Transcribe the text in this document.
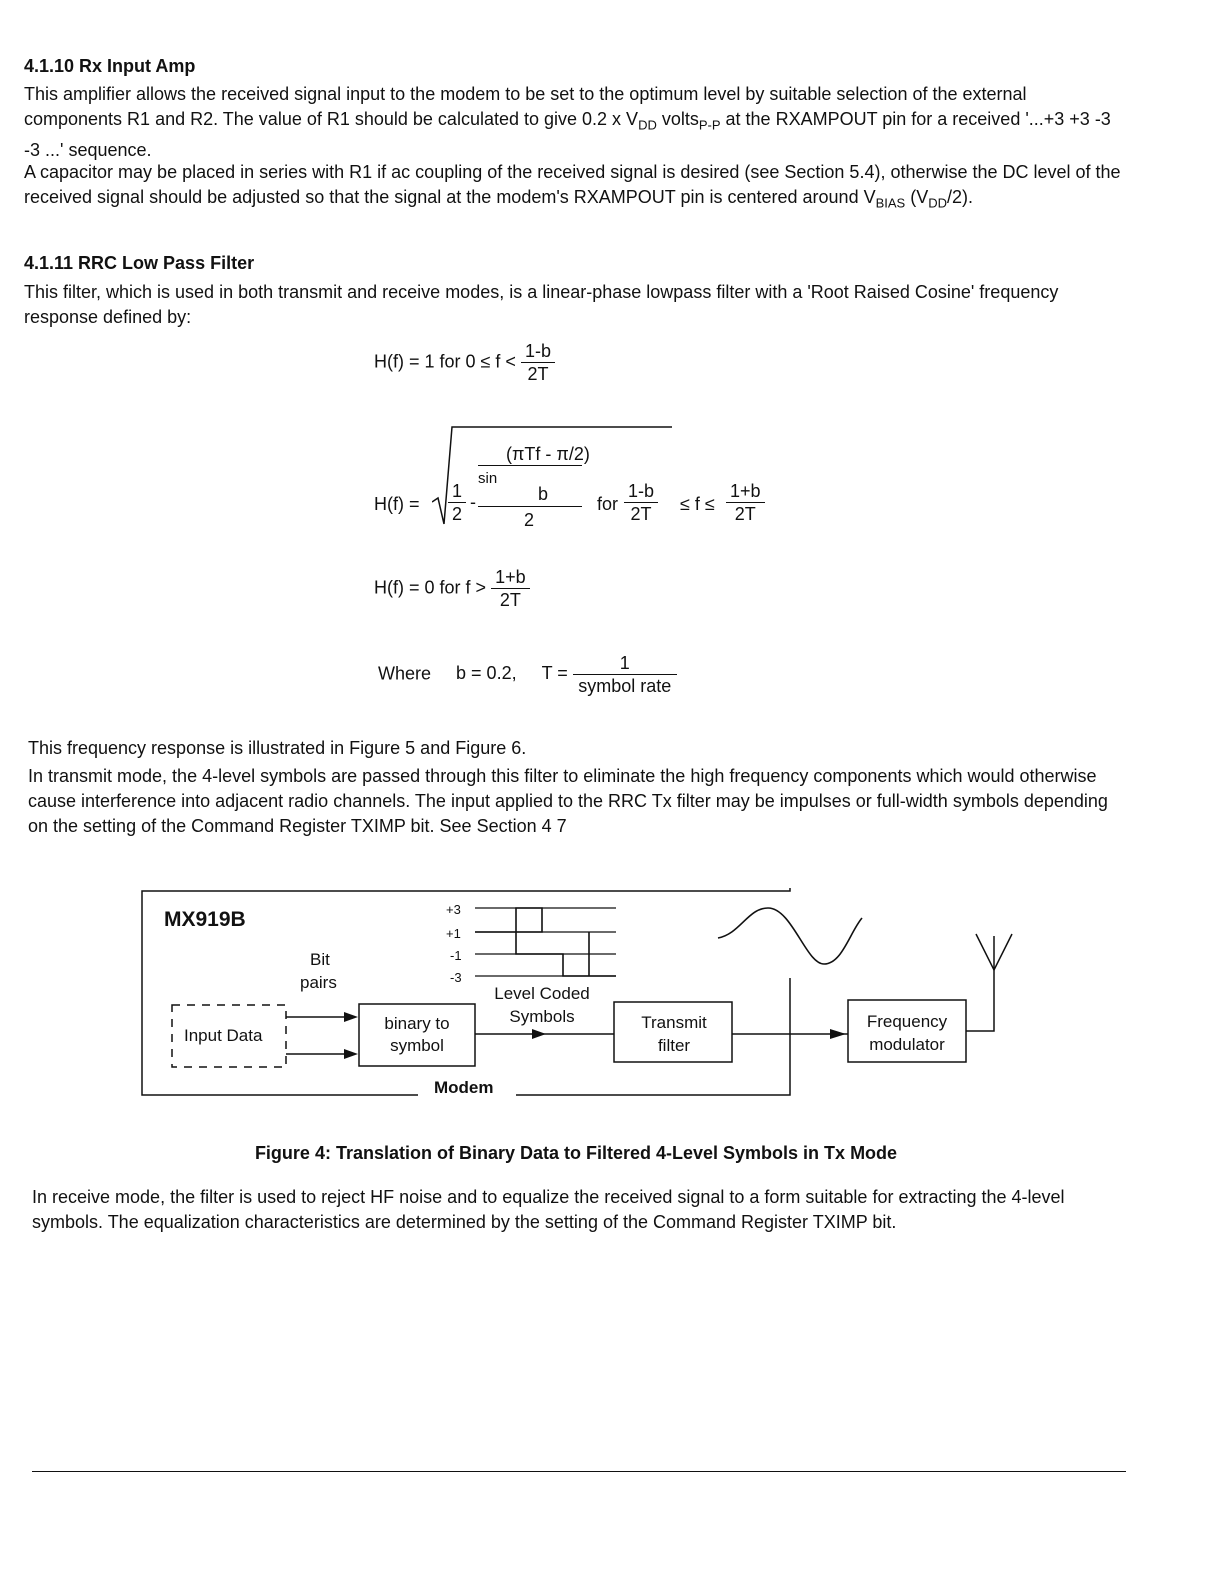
4.1.10 Rx Input Amp
This amplifier allows the received signal input to the modem to be set to the optimum level by suitable selection of the external components R1 and R2. The value of R1 should be calculated to give 0.2 x $V_{DD}$ volts$_{P-P}$ at the RXAMPOUT pin for a received '...+3 +3 -3 -3 ...' sequence.
A capacitor may be placed in series with R1 if ac coupling of the received signal is desired (see Section 5.4), otherwise the DC level of the received signal should be adjusted so that the signal at the modem's RXAMPOUT pin is centered around $V_{BIAS}$ $(V_{DD}/2)$.
4.1.11 RRC Low Pass Filter
This filter, which is used in both transmit and receive modes, is a linear-phase lowpass filter with a 'Root Raised Cosine' frequency response defined by:
H(f) = 1 for $0 \le f < \frac{1-b}{2T}$
$H(f) = \frac{1}{2}$ -
sin
(πTf - π/2)
b
2
for $\frac{1-b}{2T} \le f \le \frac{1+b}{2T}$
H(f) = 0 for $f > \frac{1+b}{2T}$
Where b = 0.2, $T = \frac{1}{\text{symbol rate}}$
This frequency response is illustrated in Figure 5 and Figure 6.
In transmit mode, the 4-level symbols are passed through this filter to eliminate the high frequency components which would otherwise cause interference into adjacent radio channels. The input applied to the RRC Tx filter may be impulses or full-width symbols depending on the setting of the Command Register TXIMP bit. See Section 4 7
MX919B
Modem
Input Data
Bit
pairs
binary to
symbol
+3
+1
-1
-3
Level Coded
Symbols	Transmit
filter
Frequency
modulator
Figure 4: Translation of Binary Data to Filtered 4-Level Symbols in Tx Mode
In receive mode, the filter is used to reject HF noise and to equalize the received signal to a form suitable for extracting the 4-level symbols. The equalization characteristics are determined by the setting of the Command Register TXIMP bit.
